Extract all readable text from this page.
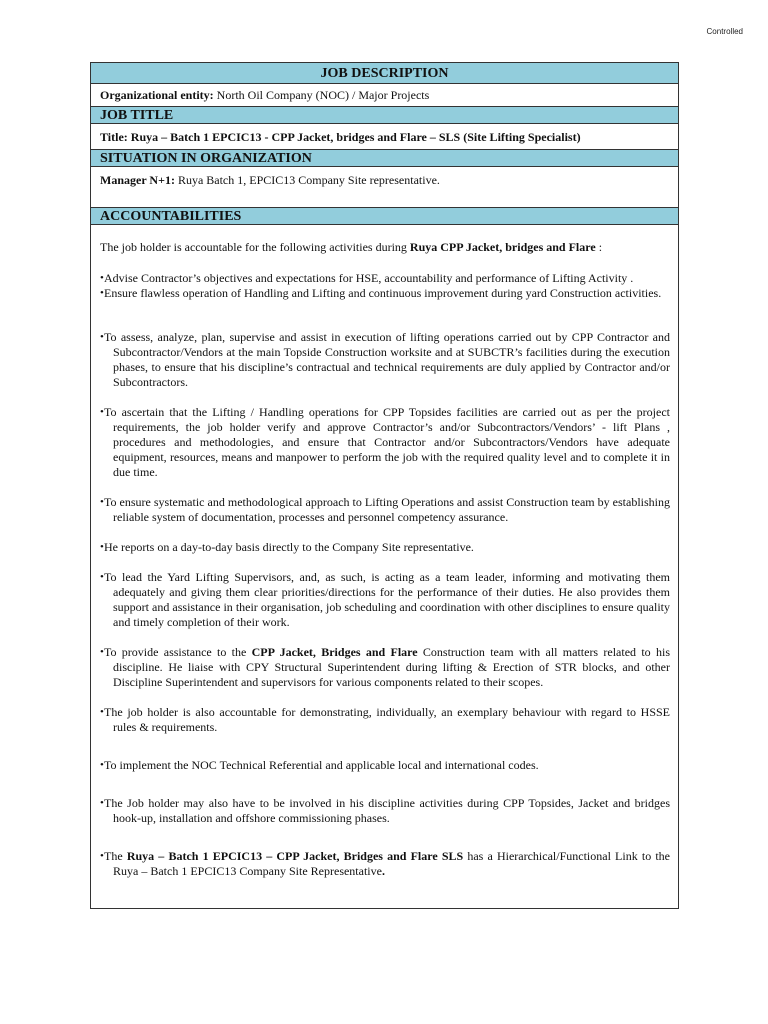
Controlled
JOB DESCRIPTION
Organizational entity: North Oil Company (NOC) / Major Projects
JOB TITLE
Title: Ruya – Batch 1 EPCIC13 - CPP Jacket, bridges and Flare – SLS (Site Lifting Specialist)
SITUATION IN ORGANIZATION
Manager N+1: Ruya Batch 1, EPCIC13 Company Site representative.
ACCOUNTABILITIES

The job holder is accountable for the following activities during Ruya CPP Jacket, bridges and Flare :

• Advise Contractor’s objectives and expectations for HSE, accountability and performance of Lifting Activity .
• Ensure flawless operation of Handling and Lifting and continuous improvement during yard Construction activities.
• To assess, analyze, plan, supervise and assist in execution of lifting operations carried out by CPP Contractor and Subcontractor/Vendors at the main Topside Construction worksite and at SUBCTR’s facilities during the execution phases, to ensure that his discipline’s contractual and technical requirements are duly applied by Contractor and/or Subcontractors.
• To ascertain that the Lifting / Handling operations for CPP Topsides facilities are carried out as per the project requirements, the job holder verify and approve Contractor’s and/or Subcontractors/Vendors’ - lift Plans , procedures and methodologies, and ensure that Contractor and/or Subcontractors/Vendors have adequate equipment, resources, means and manpower to perform the job with the required quality level and to complete it in due time.
• To ensure systematic and methodological approach to Lifting Operations and assist Construction team by establishing reliable system of documentation, processes and personnel competency assurance.
• He reports on a day-to-day basis directly to the Company Site representative.
• To lead the Yard Lifting Supervisors, and, as such, is acting as a team leader, informing and motivating them adequately and giving them clear priorities/directions for the performance of their duties. He also provides them support and assistance in their organisation, job scheduling and coordination with other disciplines to ensure quality and timely completion of their work.
• To provide assistance to the CPP Jacket, Bridges and Flare Construction team with all matters related to his discipline. He liaise with CPY Structural Superintendent during lifting & Erection of STR blocks, and other Discipline Superintendent and supervisors for various components related to their scopes.
• The job holder is also accountable for demonstrating, individually, an exemplary behaviour with regard to HSSE rules & requirements.
• To implement the NOC Technical Referential and applicable local and international codes.
• The Job holder may also have to be involved in his discipline activities during CPP Topsides, Jacket and bridges hook-up, installation and offshore commissioning phases.
• The Ruya – Batch 1 EPCIC13 – CPP Jacket, Bridges and Flare SLS has a Hierarchical/Functional Link to the Ruya – Batch 1 EPCIC13 Company Site Representative.
